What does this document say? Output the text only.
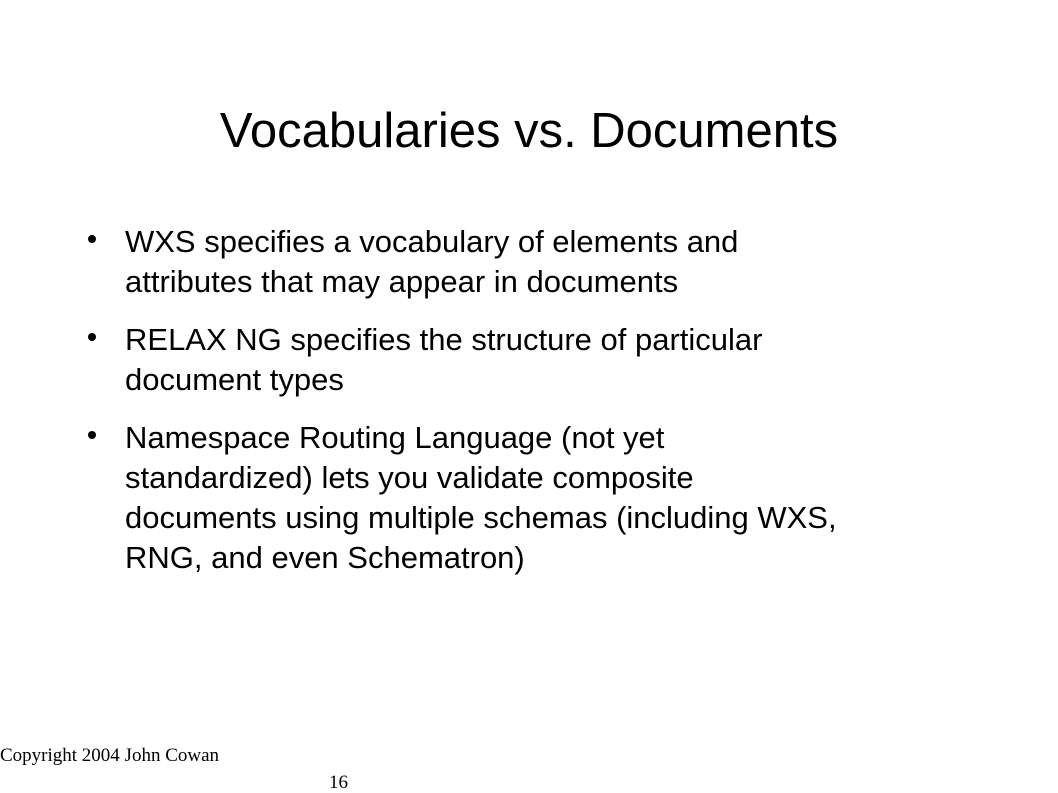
Vocabularies vs. Documents
WXS specifies a vocabulary of elements and
attributes that may appear in documents
RELAX NG specifies the structure of particular
document types
Namespace Routing Language (not yet
standardized) lets you validate composite
documents using multiple schemas (including WXS,
RNG, and even Schematron)
Copyright 2004 John Cowan
16
